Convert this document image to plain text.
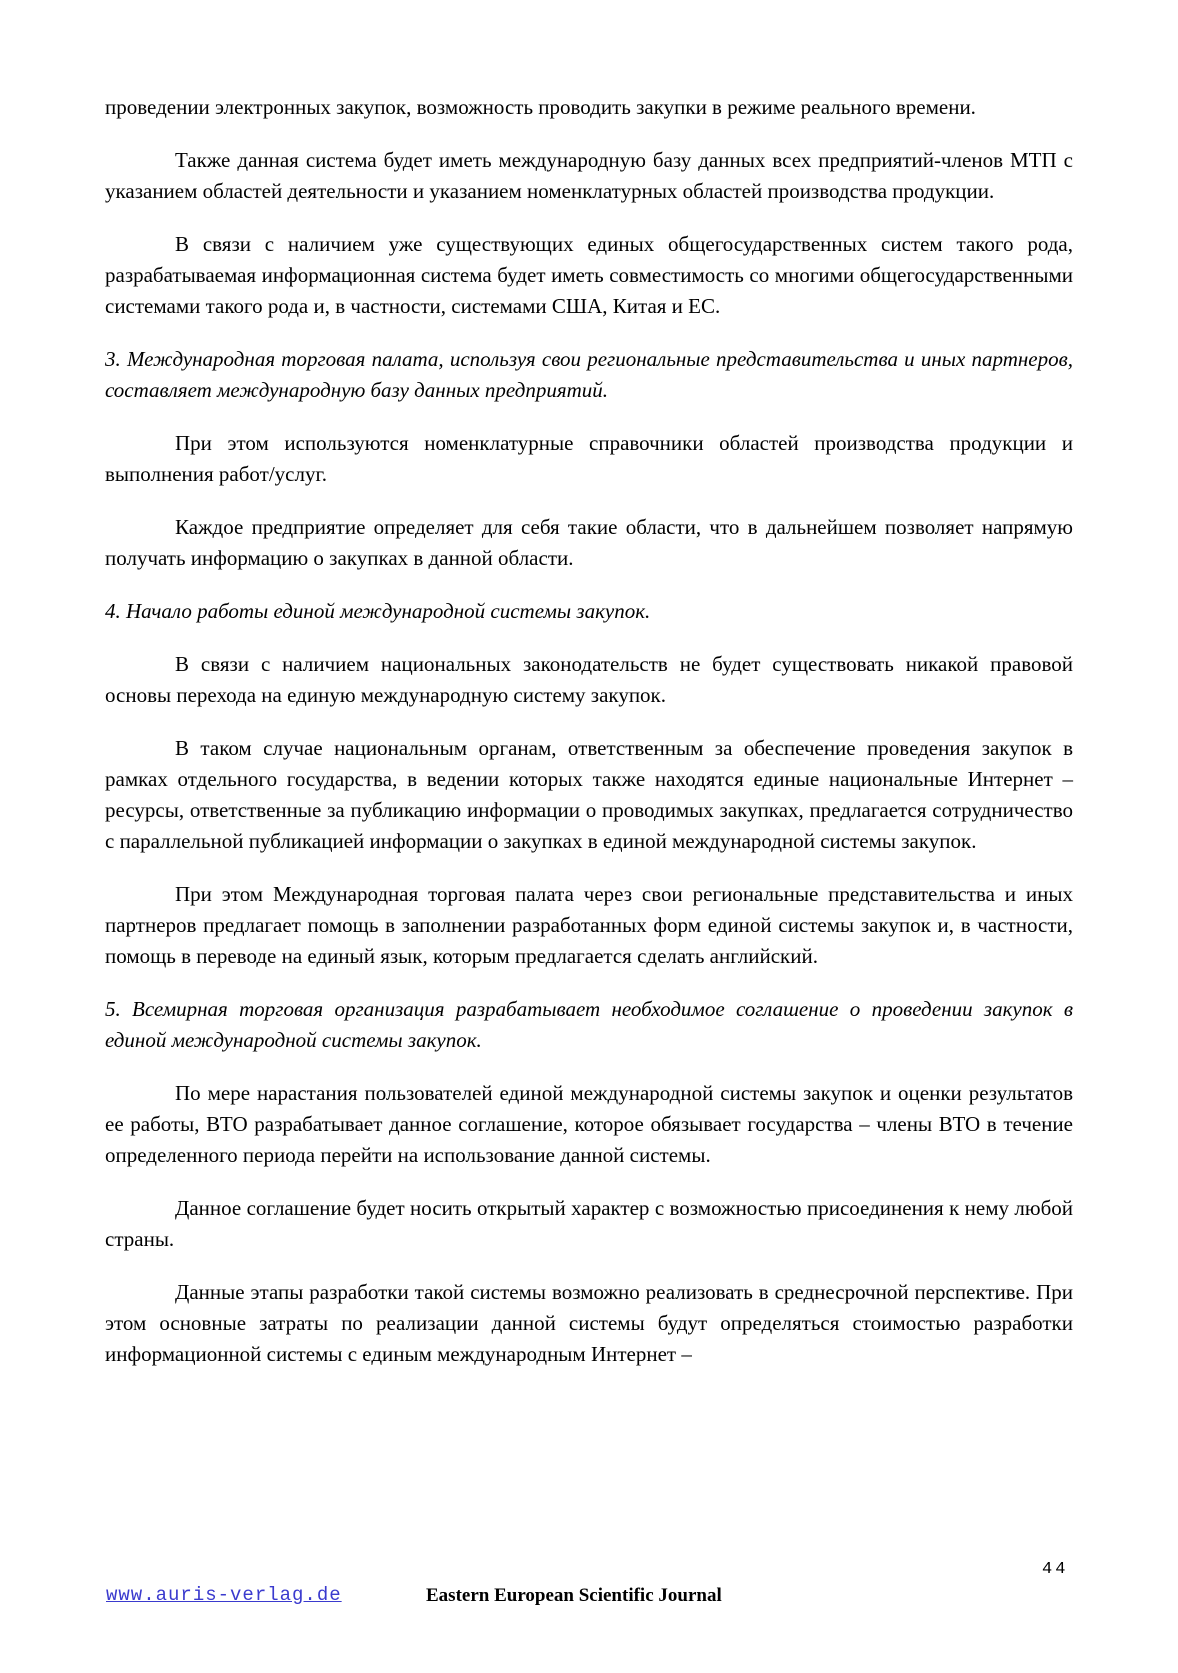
проведении электронных закупок, возможность проводить закупки в режиме реального времени.

Также данная система будет иметь международную базу данных всех предприятий-членов МТП с указанием областей деятельности и указанием номенклатурных областей производства продукции.

В связи с наличием уже существующих единых общегосударственных систем такого рода, разрабатываемая информационная система будет иметь совместимость со многими общегосударственными системами такого рода и, в частности, системами США, Китая и ЕС.

3. Международная торговая палата, используя свои региональные представительства и иных партнеров, составляет международную базу данных предприятий.

При этом используются номенклатурные справочники областей производства продукции и выполнения работ/услуг.

Каждое предприятие определяет для себя такие области, что в дальнейшем позволяет напрямую получать информацию о закупках в данной области.

4. Начало работы единой международной системы закупок.

В связи с наличием национальных законодательств не будет существовать никакой правовой основы перехода на единую международную систему закупок.

В таком случае национальным органам, ответственным за обеспечение проведения закупок в рамках отдельного государства, в ведении которых также находятся единые национальные Интернет – ресурсы, ответственные за публикацию информации о проводимых закупках, предлагается сотрудничество с параллельной публикацией информации о закупках в единой международной системы закупок.

При этом Международная торговая палата через свои региональные представительства и иных партнеров предлагает помощь в заполнении разработанных форм единой системы закупок и, в частности, помощь в переводе на единый язык, которым предлагается сделать английский.

5. Всемирная торговая организация разрабатывает необходимое соглашение о проведении закупок в единой международной системы закупок.

По мере нарастания пользователей единой международной системы закупок и оценки результатов ее работы, ВТО разрабатывает данное соглашение, которое обязывает государства – члены ВТО в течение определенного периода перейти на использование данной системы.

Данное соглашение будет носить открытый характер с возможностью присоединения к нему любой страны.

Данные этапы разработки такой системы возможно реализовать в среднесрочной перспективе. При этом основные затраты по реализации данной системы будут определяться стоимостью разработки информационной системы с единым международным Интернет –

44
www.auris-verlag.de	Eastern European Scientific Journal
